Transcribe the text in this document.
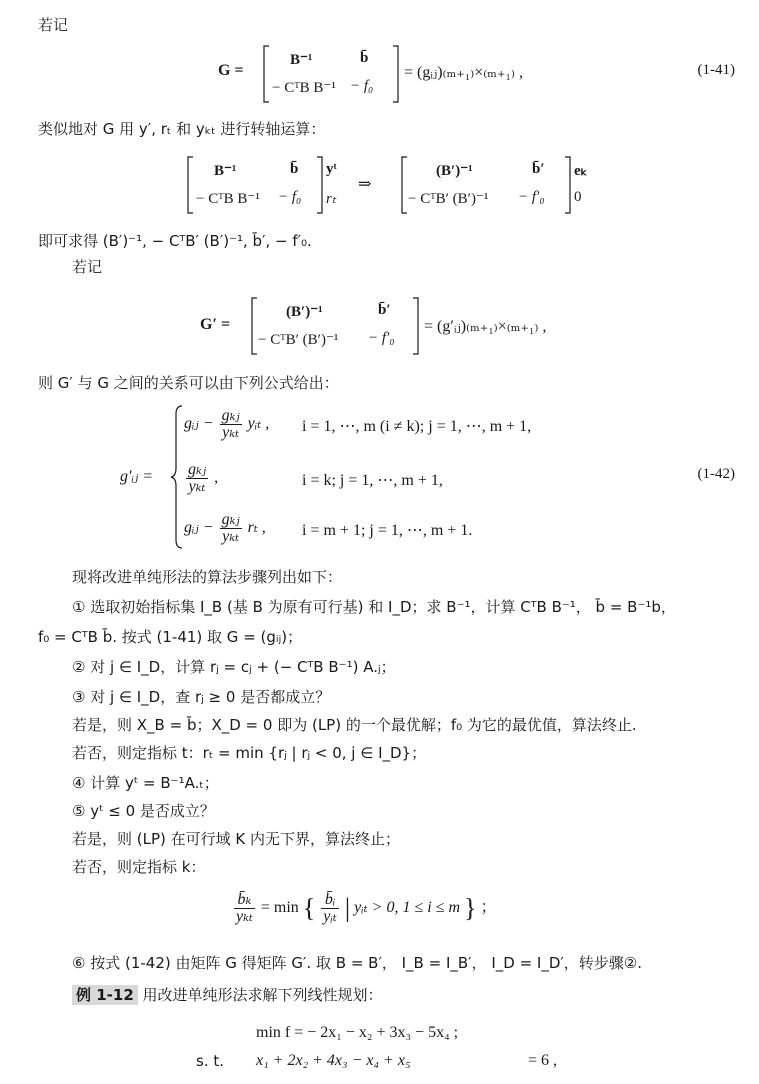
若记
G =
B⁻¹	b̄
− CᵀB B⁻¹ − f₀
= (gᵢⱼ)₍ₘ₊₁₎×₍ₘ₊₁₎ ,	(1-41)
类似地对 G 用 y′, rₜ 和 yₖₜ 进行转轴运算：
B⁻¹	b̄
− CᵀB B⁻¹ − f₀
yᵗ
rₜ
⇒
(B′)⁻¹	b̄′
− CᵀB′ (B′)⁻¹ − f′₀
eₖ
0
即可求得 (B′)⁻¹, − CᵀB′ (B′)⁻¹, b̄′, − f′₀.
若记
G′ =
(B′)⁻¹	b̄′
− CᵀB′ (B′)⁻¹ − f′₀
= (g′ᵢⱼ)₍ₘ₊₁₎×₍ₘ₊₁₎ ,
则 G′ 与 G 之间的关系可以由下列公式给出：
g′ᵢⱼ =
gᵢⱼ − $\frac{\text{gₖⱼ}}{\text{yₖₜ}}$ yᵢₜ , i = 1, ⋯, m (i ≠ k); j = 1, ⋯, m + 1,
$\frac{\text{gₖⱼ}}{\text{yₖₜ}}$ ,	i = k; j = 1, ⋯, m + 1,	(1-42)
gᵢⱼ − $\frac{\text{gₖⱼ}}{\text{yₖₜ}}$ rₜ , i = m + 1; j = 1, ⋯, m + 1.
现将改进单纯形法的算法步骤列出如下：
① 选取初始指标集 I_B (基 B 为原有可行基) 和 I_D；求 B⁻¹，计算 CᵀB B⁻¹， b̄ = B⁻¹b，
f₀ = CᵀB b̄. 按式 (1-41) 取 G = (gᵢⱼ)；
② 对 j ∈ I_D，计算 rⱼ = cⱼ + (− CᵀB B⁻¹) A.ⱼ；
③ 对 j ∈ I_D，查 rⱼ ≥ 0 是否都成立？
若是，则 X_B = b̄；X_D = 0 即为 (LP) 的一个最优解；f₀ 为它的最优值，算法终止.
若否，则定指标 t：rₜ = min {rⱼ | rⱼ < 0, j ∈ I_D}；
④ 计算 yᵗ = B⁻¹A.ₜ；
⑤ yᵗ ≤ 0 是否成立？
若是，则 (LP) 在可行域 K 内无下界，算法终止；
若否，则定指标 k：
$\frac{\text{b̄ₖ}}{\text{yₖₜ}} = \min$ { $\frac{\text{b̄ᵢ}}{\text{yᵢₜ}}$ | yᵢₜ > 0, 1 ≤ i ≤ m } ；
⑥ 按式 (1-42) 由矩阵 G 得矩阵 G′. 取 B = B′， I_B = I_B′， I_D = I_D′，转步骤②.
例 1-12 用改进单纯形法求解下列线性规划：
min f = − 2x₁ − x₂ + 3x₃ − 5x₄ ;
s. t. x₁ + 2x₂ + 4x₃ − x₄ + x₅	= 6 ,
